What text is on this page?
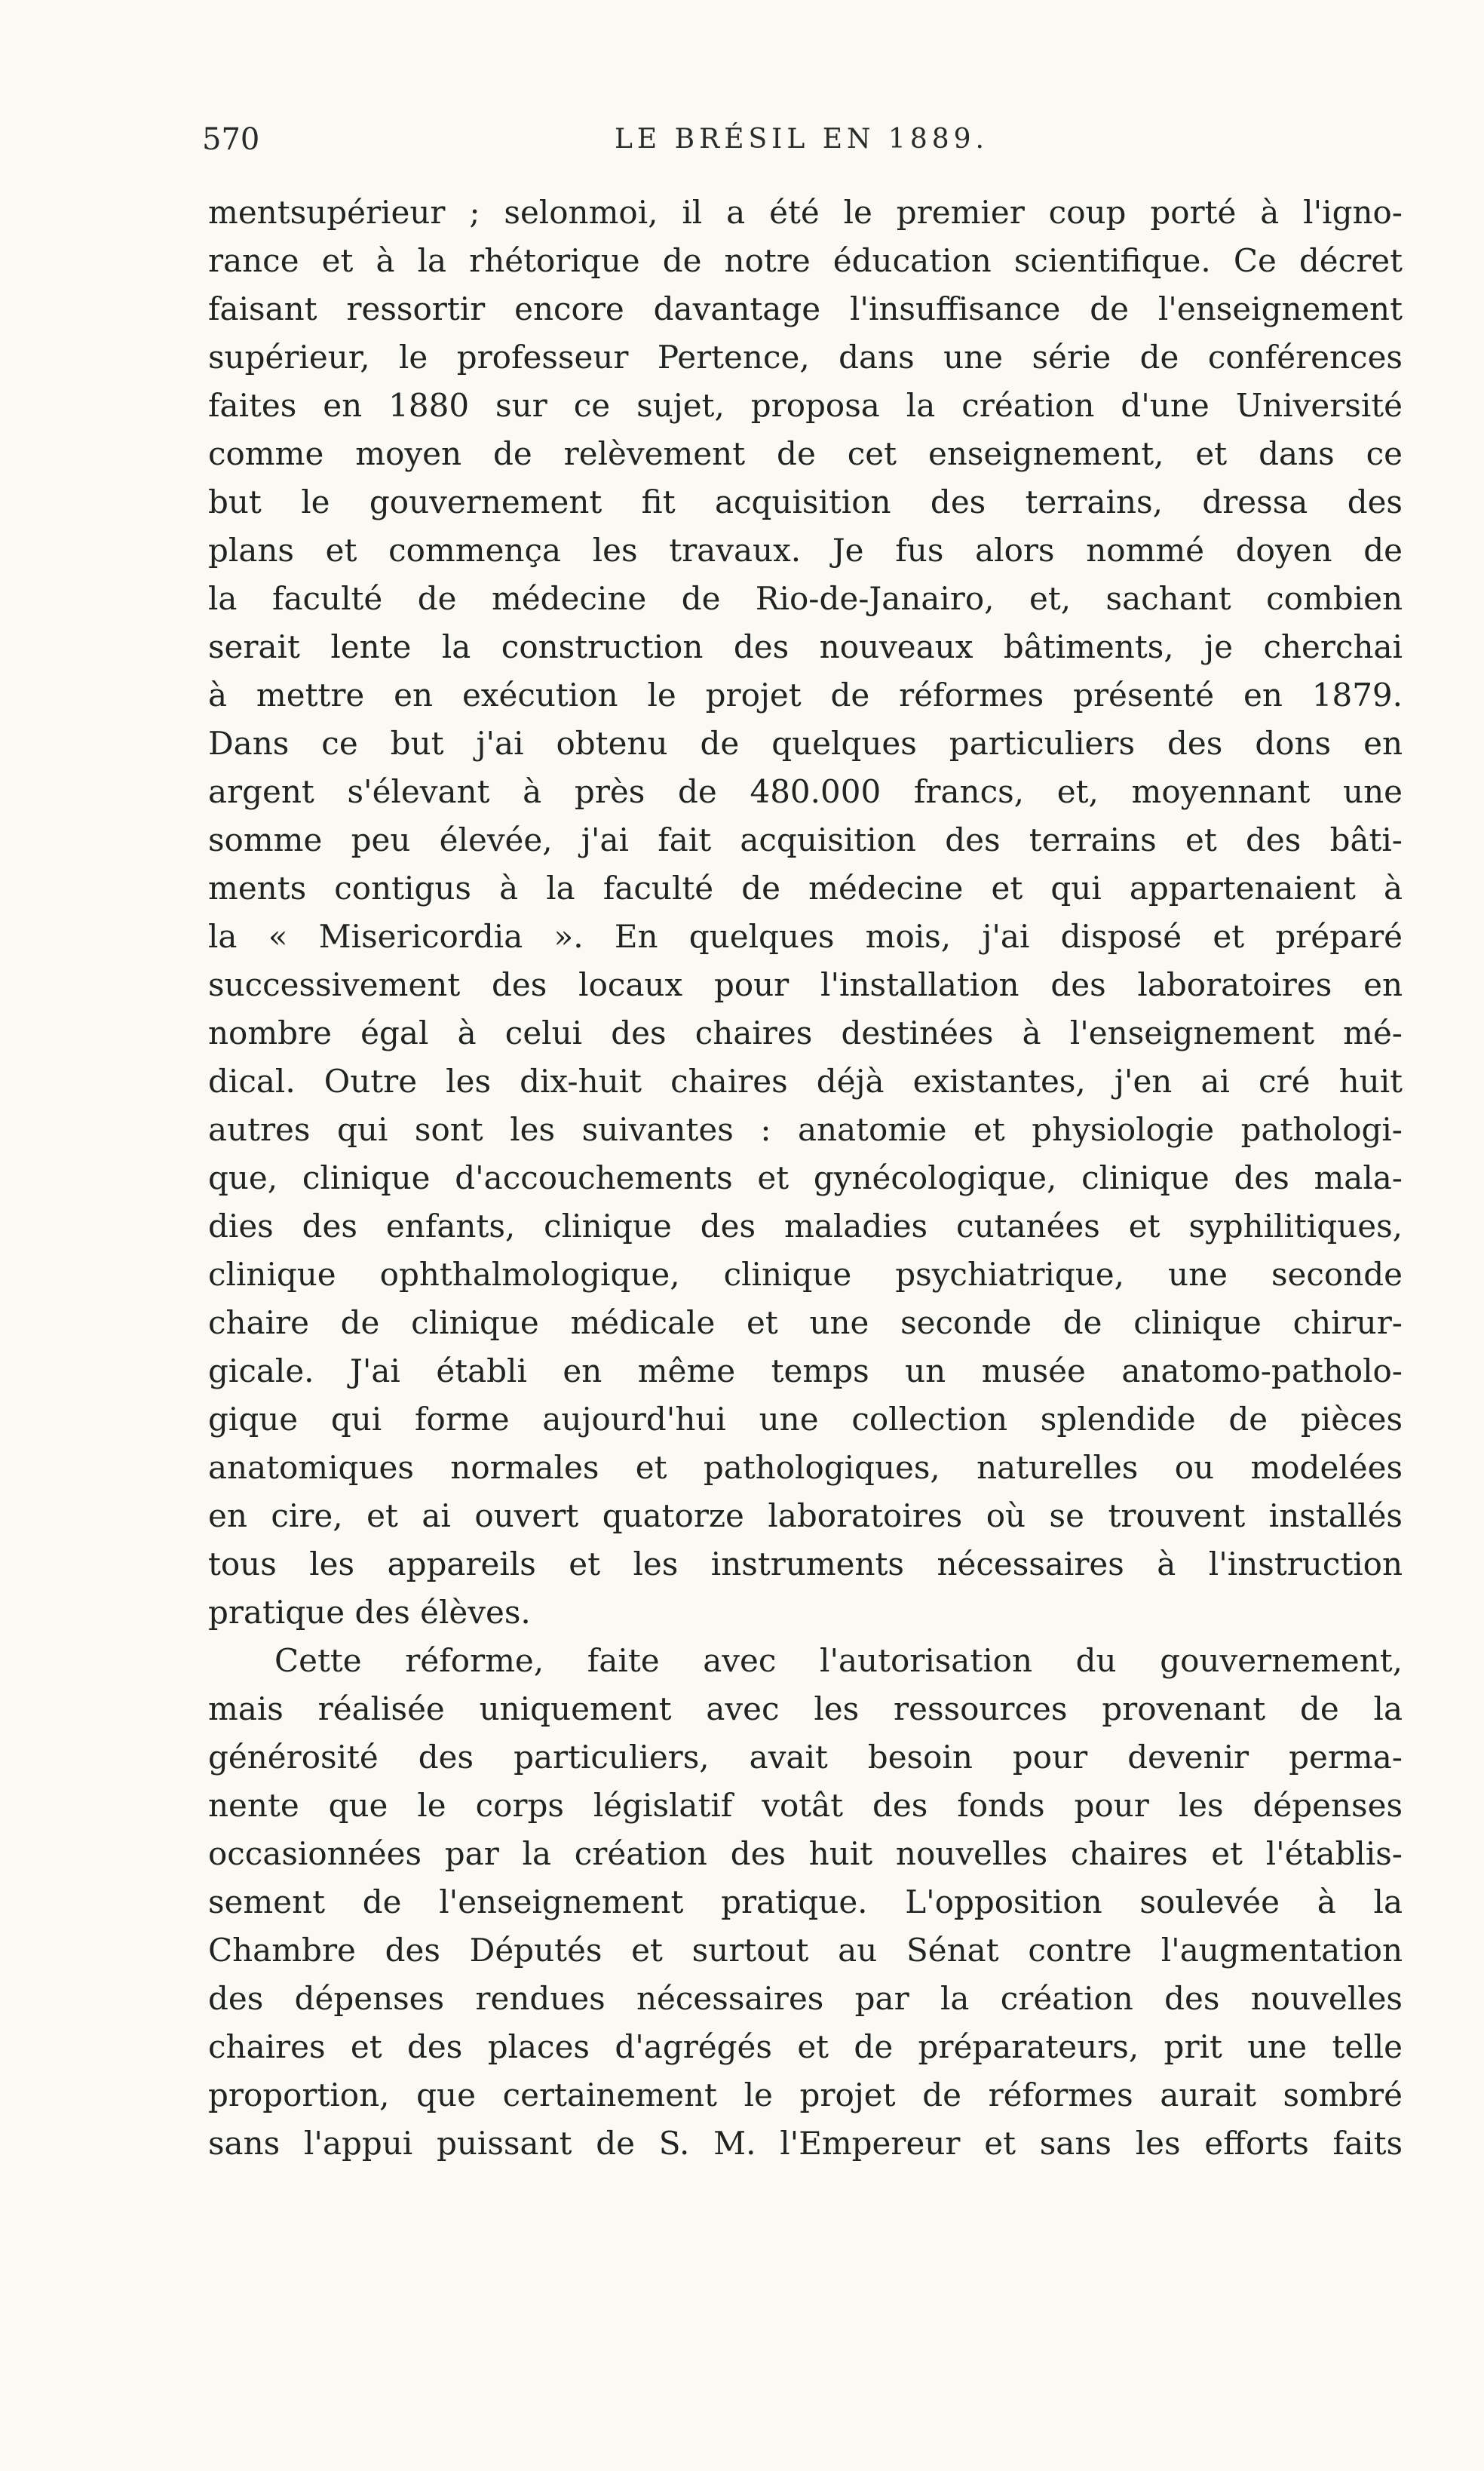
570	LE BRÉSIL EN 1889.
mentsupérieur ; selonmoi, il a été le premier coup porté à l'igno-
rance et à la rhétorique de notre éducation scientifique. Ce décret
faisant ressortir encore davantage l'insuffisance de l'enseignement
supérieur, le professeur Pertence, dans une série de conférences
faites en 1880 sur ce sujet, proposa la création d'une Université
comme moyen de relèvement de cet enseignement, et dans ce
but le gouvernement fit acquisition des terrains, dressa des
plans et commença les travaux. Je fus alors nommé doyen de
la faculté de médecine de Rio-de-Janairo, et, sachant combien
serait lente la construction des nouveaux bâtiments, je cherchai
à mettre en exécution le projet de réformes présenté en 1879.
Dans ce but j'ai obtenu de quelques particuliers des dons en
argent s'élevant à près de 480.000 francs, et, moyennant une
somme peu élevée, j'ai fait acquisition des terrains et des bâti-
ments contigus à la faculté de médecine et qui appartenaient à
la « Misericordia ». En quelques mois, j'ai disposé et préparé
successivement des locaux pour l'installation des laboratoires en
nombre égal à celui des chaires destinées à l'enseignement mé-
dical. Outre les dix-huit chaires déjà existantes, j'en ai cré huit
autres qui sont les suivantes : anatomie et physiologie pathologi-
que, clinique d'accouchements et gynécologique, clinique des mala-
dies des enfants, clinique des maladies cutanées et syphilitiques,
clinique ophthalmologique, clinique psychiatrique, une seconde
chaire de clinique médicale et une seconde de clinique chirur-
gicale. J'ai établi en même temps un musée anatomo-patholo-
gique qui forme aujourd'hui une collection splendide de pièces
anatomiques normales et pathologiques, naturelles ou modelées
en cire, et ai ouvert quatorze laboratoires où se trouvent installés
tous les appareils et les instruments nécessaires à l'instruction
pratique des élèves.
Cette réforme, faite avec l'autorisation du gouvernement,
mais réalisée uniquement avec les ressources provenant de la
générosité des particuliers, avait besoin pour devenir perma-
nente que le corps législatif votât des fonds pour les dépenses
occasionnées par la création des huit nouvelles chaires et l'établis-
sement de l'enseignement pratique. L'opposition soulevée à la
Chambre des Députés et surtout au Sénat contre l'augmentation
des dépenses rendues nécessaires par la création des nouvelles
chaires et des places d'agrégés et de préparateurs, prit une telle
proportion, que certainement le projet de réformes aurait sombré
sans l'appui puissant de S. M. l'Empereur et sans les efforts faits
